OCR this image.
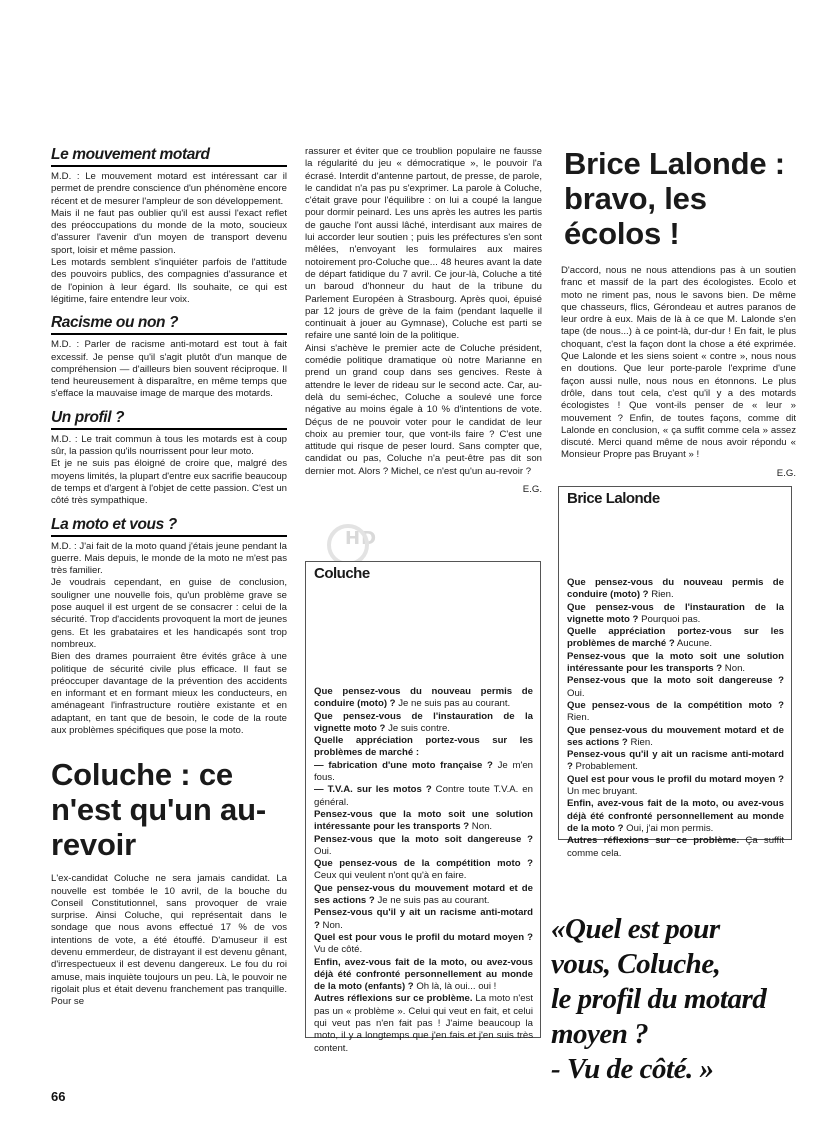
Le mouvement motard

M.D. : Le mouvement motard est intéressant car il permet de prendre conscience d'un phénomène encore récent et de mesurer l'ampleur de son développement.

Mais il ne faut pas oublier qu'il est aussi l'exact reflet des préoccupations du monde de la moto, soucieux d'assurer l'avenir d'un moyen de transport devenu sport, loisir et même passion.

Les motards semblent s'inquiéter parfois de l'attitude des pouvoirs publics, des compagnies d'assurance et de l'opinion à leur égard. Ils souhaite, ce qui est légitime, faire entendre leur voix.

Racisme ou non ?

M.D. : Parler de racisme anti-motard est tout à fait excessif. Je pense qu'il s'agit plutôt d'un manque de compréhension — d'ailleurs bien souvent réciproque. Il tend heureusement à disparaître, en même temps que s'efface la mauvaise image de marque des motards.

Un profil ?

M.D. : Le trait commun à tous les motards est à coup sûr, la passion qu'ils nourrissent pour leur moto.

Et je ne suis pas éloigné de croire que, malgré des moyens limités, la plupart d'entre eux sacrifie beaucoup de temps et d'argent à l'objet de cette passion. C'est un côté très sympathique.

La moto et vous ?

M.D. : J'ai fait de la moto quand j'étais jeune pendant la guerre. Mais depuis, le monde de la moto ne m'est pas très familier.

Je voudrais cependant, en guise de conclusion, souligner une nouvelle fois, qu'un problème grave se pose auquel il est urgent de se consacrer : celui de la sécurité. Trop d'accidents provoquent la mort de jeunes gens. Et les grabataires et les handicapés sont trop nombreux.

Bien des drames pourraient être évités grâce à une politique de sécurité civile plus efficace. Il faut se préoccuper davantage de la prévention des accidents en informant et en formant mieux les conducteurs, en aménageant l'infrastructure routière existante et en adaptant, en tant que de besoin, le code de la route aux problèmes spécifiques que pose la moto.

Coluche : ce n'est qu'un au-revoir

L'ex-candidat Coluche ne sera jamais candidat. La nouvelle est tombée le 10 avril, de la bouche du Conseil Constitutionnel, sans provoquer de vraie surprise. Ainsi Coluche, qui représentait dans le sondage que nous avons effectué 17 % de vos intentions de vote, a été étouffé. D'amuseur il est devenu emmerdeur, de distrayant il est devenu gênant, d'irrespectueux il est devenu dangereux. Le fou du roi amuse, mais inquiète toujours un peu. Là, le pouvoir ne rigolait plus et était devenu franchement pas tranquille. Pour se

rassurer et éviter que ce troublion populaire ne fausse la régularité du jeu « démocratique », le pouvoir l'a écrasé. Interdit d'antenne partout, de presse, de parole, le candidat n'a pas pu s'exprimer. La parole à Coluche, c'était grave pour l'équilibre : on lui a coupé la langue pour dormir peinard. Les uns après les autres les partis de gauche l'ont aussi lâché, interdisant aux maires de lui accorder leur soutien ; puis les préfectures s'en sont mêlées, n'envoyant les formulaires aux maires notoirement pro-Coluche que... 48 heures avant la date de départ fatidique du 7 avril. Ce jour-là, Coluche a tité un baroud d'honneur du haut de la tribune du Parlement Européen à Strasbourg. Après quoi, épuisé par 12 jours de grève de la faim (pendant laquelle il continuait à jouer au Gymnase), Coluche est parti se refaire une santé loin de la politique.

Ainsi s'achève le premier acte de Coluche président, comédie politique dramatique où notre Marianne en prend un grand coup dans ses gencives. Reste à attendre le lever de rideau sur le second acte. Car, au-delà du semi-échec, Coluche a soulevé une force négative au moins égale à 10 % d'intentions de vote. Déçus de ne pouvoir voter pour le candidat de leur choix au premier tour, que vont-ils faire ? C'est une attitude qui risque de peser lourd. Sans compter que, candidat ou pas, Coluche n'a peut-être pas dit son dernier mot. Alors ? Michel, ce n'est qu'un au-revoir ?

E.G.

Brice Lalonde : bravo, les écolos !

D'accord, nous ne nous attendions pas à un soutien franc et massif de la part des écologistes. Ecolo et moto ne riment pas, nous le savons bien. De même que chasseurs, flics, Gérondeau et autres paranos de leur ordre à eux. Mais de là à ce que M. Lalonde s'en tape (de nous...) à ce point-là, dur-dur ! En fait, le plus choquant, c'est la façon dont la chose a été exprimée. Que Lalonde et les siens soient « contre », nous nous en doutions. Que leur porte-parole l'exprime d'une façon aussi nulle, nous nous en étonnons. Le plus drôle, dans tout cela, c'est qu'il y a des motards écologistes ! Que vont-ils penser de « leur » mouvement ? Enfin, de toutes façons, comme dit Lalonde en conclusion, « ça suffit comme cela » assez discuté. Merci quand même de nous avoir répondu « Monsieur Propre pas Bruyant » !

E.G.

HD
Coluche

Que pensez-vous du nouveau permis de conduire (moto) ? Je ne suis pas au courant.

Que pensez-vous de l'instauration de la vignette moto ? Je suis contre.

Quelle appréciation portez-vous sur les problèmes de marché :

— fabrication d'une moto française ? Je m'en fous.

— T.V.A. sur les motos ? Contre toute T.V.A. en général.

Pensez-vous que la moto soit une solution intéressante pour les transports ? Non.

Pensez-vous que la moto soit dangereuse ? Oui.

Que pensez-vous de la compétition moto ? Ceux qui veulent n'ont qu'à en faire.

Que pensez-vous du mouvement motard et de ses actions ? Je ne suis pas au courant.

Pensez-vous qu'il y ait un racisme anti-motard ? Non.

Quel est pour vous le profil du motard moyen ? Vu de côté.

Enfin, avez-vous fait de la moto, ou avez-vous déjà été confronté personnellement au monde de la moto (enfants) ? Oh là, là oui... oui !

Autres réflexions sur ce problème. La moto n'est pas un « problème ». Celui qui veut en fait, et celui qui veut pas n'en fait pas ! J'aime beaucoup la moto, il y a longtemps que j'en fais et j'en suis très content.

Brice Lalonde

Que pensez-vous du nouveau permis de conduire (moto) ? Rien.

Que pensez-vous de l'instauration de la vignette moto ? Pourquoi pas.

Quelle appréciation portez-vous sur les problèmes de marché ? Aucune.

Pensez-vous que la moto soit une solution intéressante pour les transports ? Non.

Pensez-vous que la moto soit dangereuse ? Oui.

Que pensez-vous de la compétition moto ? Rien.

Que pensez-vous du mouvement motard et de ses actions ? Rien.

Pensez-vous qu'il y ait un racisme anti-motard ? Probablement.

Quel est pour vous le profil du motard moyen ? Un mec bruyant.

Enfin, avez-vous fait de la moto, ou avez-vous déjà été confronté personnellement au monde de la moto ? Oui, j'ai mon permis.

Autres réflexions sur ce problème. Ça suffit comme cela.

«Quel est pour
vous, Coluche,
le profil du motard
moyen ?
- Vu de côté. »
66
